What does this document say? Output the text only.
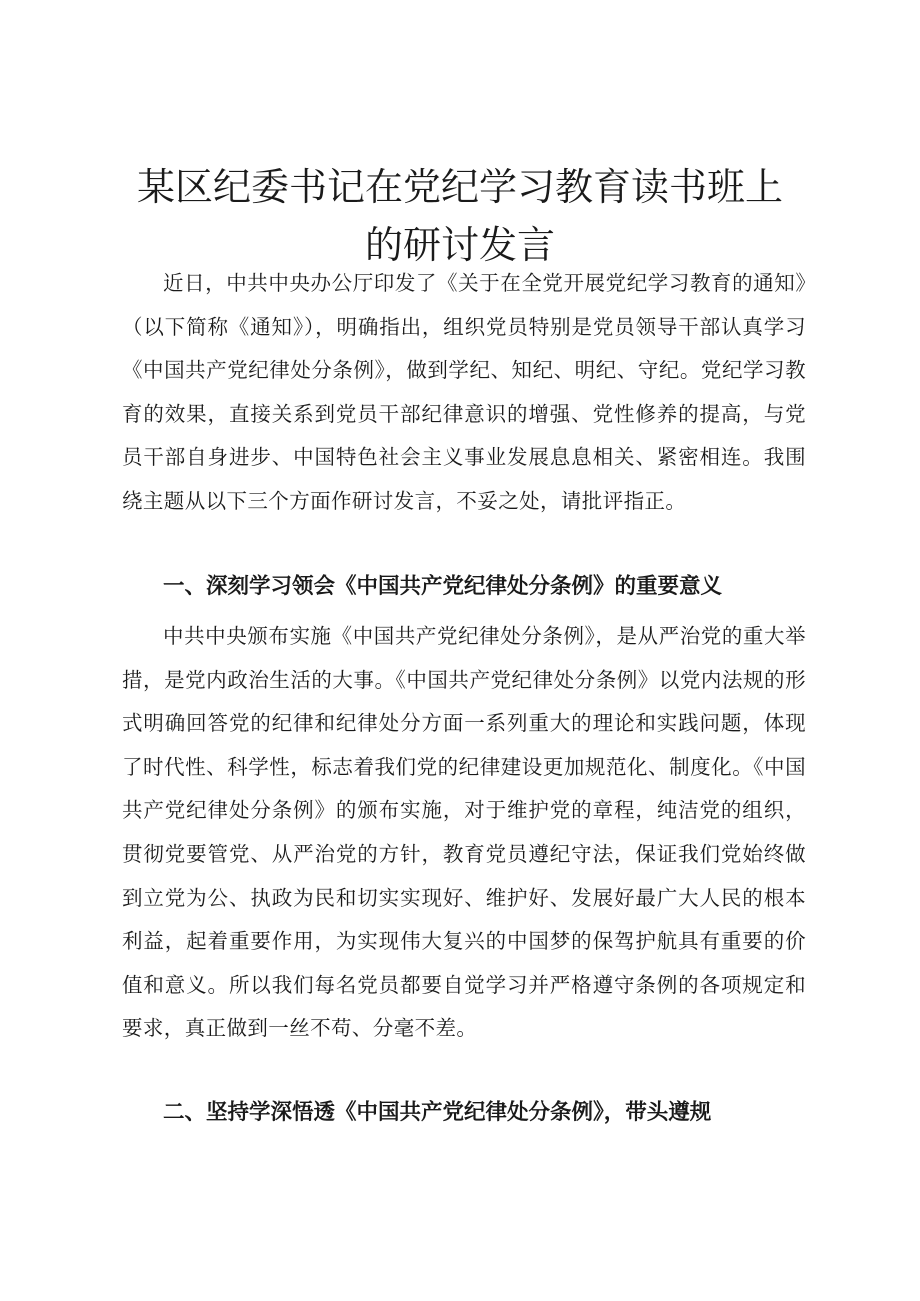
某区纪委书记在党纪学习教育读书班上的研讨发言

近日，中共中央办公厅印发了《关于在全党开展党纪学习教育的通知》（以下简称《通知》），明确指出，组织党员特别是党员领导干部认真学习《中国共产党纪律处分条例》，做到学纪、知纪、明纪、守纪。党纪学习教育的效果，直接关系到党员干部纪律意识的增强、党性修养的提高，与党员干部自身进步、中国特色社会主义事业发展息息相关、紧密相连。我围绕主题从以下三个方面作研讨发言，不妥之处，请批评指正。

一、深刻学习领会《中国共产党纪律处分条例》的重要意义

中共中央颁布实施《中国共产党纪律处分条例》，是从严治党的重大举措，是党内政治生活的大事。《中国共产党纪律处分条例》以党内法规的形式明确回答党的纪律和纪律处分方面一系列重大的理论和实践问题，体现了时代性、科学性，标志着我们党的纪律建设更加规范化、制度化。《中国共产党纪律处分条例》的颁布实施，对于维护党的章程，纯洁党的组织，贯彻党要管党、从严治党的方针，教育党员遵纪守法，保证我们党始终做到立党为公、执政为民和切实实现好、维护好、发展好最广大人民的根本利益，起着重要作用，为实现伟大复兴的中国梦的保驾护航具有重要的价值和意义。所以我们每名党员都要自觉学习并严格遵守条例的各项规定和要求，真正做到一丝不苟、分毫不差。

二、坚持学深悟透《中国共产党纪律处分条例》，带头遵规
